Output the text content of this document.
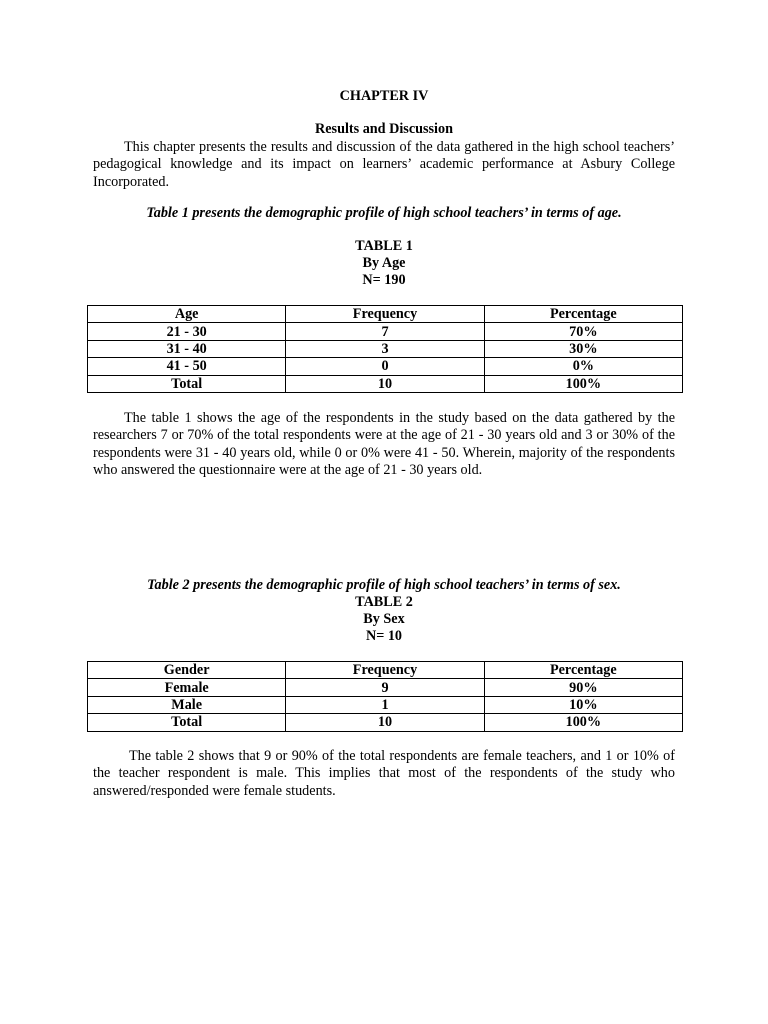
CHAPTER IV
Results and Discussion

This chapter presents the results and discussion of the data gathered in the high school teachers’ pedagogical knowledge and its impact on learners’ academic performance at Asbury College Incorporated.

Table 1 presents the demographic profile of high school teachers’ in terms of age.

TABLE 1
By Age
N= 190
Age	Frequency	Percentage
21 - 30	7	70%
31 - 40	3	30%
41 - 50	0	0%
Total	10	100%

The table 1 shows the age of the respondents in the study based on the data gathered by the researchers 7 or 70% of the total respondents were at the age of 21 - 30 years old and 3 or 30% of the respondents were 31 - 40 years old, while 0 or 0% were 41 - 50. Wherein, majority of the respondents who answered the questionnaire were at the age of 21 - 30 years old.

Table 2 presents the demographic profile of high school teachers’ in terms of sex.

TABLE 2
By Sex
N= 10
Gender	Frequency	Percentage
Female	9	90%
Male	1	10%
Total	10	100%

The table 2 shows that 9 or 90% of the total respondents are female teachers, and 1 or 10% of the teacher respondent is male. This implies that most of the respondents of the study who answered/responded were female students.
